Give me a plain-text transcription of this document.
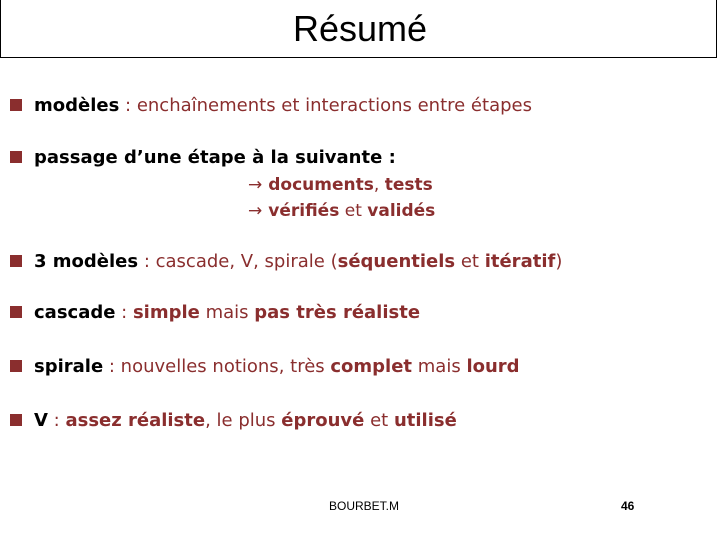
Résumé
modèles : enchaînements et interactions entre étapes
passage d’une étape à la suivante :
→ documents, tests
→ vérifiés et validés
3 modèles : cascade, V, spirale (séquentiels et itératif)
cascade : simple mais pas très réaliste
spirale : nouvelles notions, très complet mais lourd
V : assez réaliste, le plus éprouvé et utilisé
BOURBET.M	46
